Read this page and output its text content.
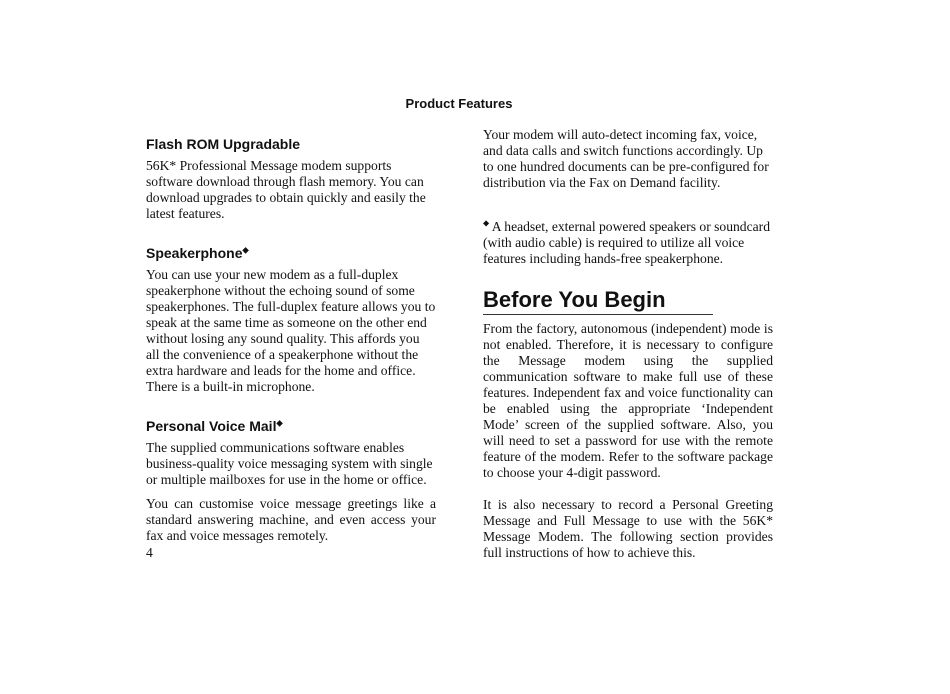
Product Features
Flash ROM Upgradable

56K* Professional Message modem supports software download through flash memory. You can download upgrades to obtain quickly and easily the latest features.

Speakerphone◆

You can use your new modem as a full-duplex speakerphone without the echoing sound of some speakerphones. The full-duplex feature allows you to speak at the same time as someone on the other end without losing any sound quality. This affords you all the convenience of a speakerphone without the extra hardware and leads for the home and office. There is a built-in microphone.

Personal Voice Mail◆

The supplied communications software enables business-quality voice messaging system with single or multiple mailboxes for use in the home or office.

You can customise voice message greetings like a standard answering machine, and even access your fax and voice messages remotely.

Your modem will auto-detect incoming fax, voice, and data calls and switch functions accordingly. Up to one hundred documents can be pre-configured for distribution via the Fax on Demand facility.

◆ A headset, external powered speakers or soundcard (with audio cable) is required to utilize all voice features including hands-free speakerphone.

Before You Begin

From the factory, autonomous (independent) mode is not enabled. Therefore, it is necessary to configure the Message modem using the supplied communication software to make full use of these features. Independent fax and voice functionality can be enabled using the appropriate ‘Independent Mode’ screen of the supplied software. Also, you will need to set a password for use with the remote feature of the modem. Refer to the software package to choose your 4-digit password.

It is also necessary to record a Personal Greeting Message and Full Message to use with the 56K* Message Modem. The following section provides full instructions of how to achieve this.

4
